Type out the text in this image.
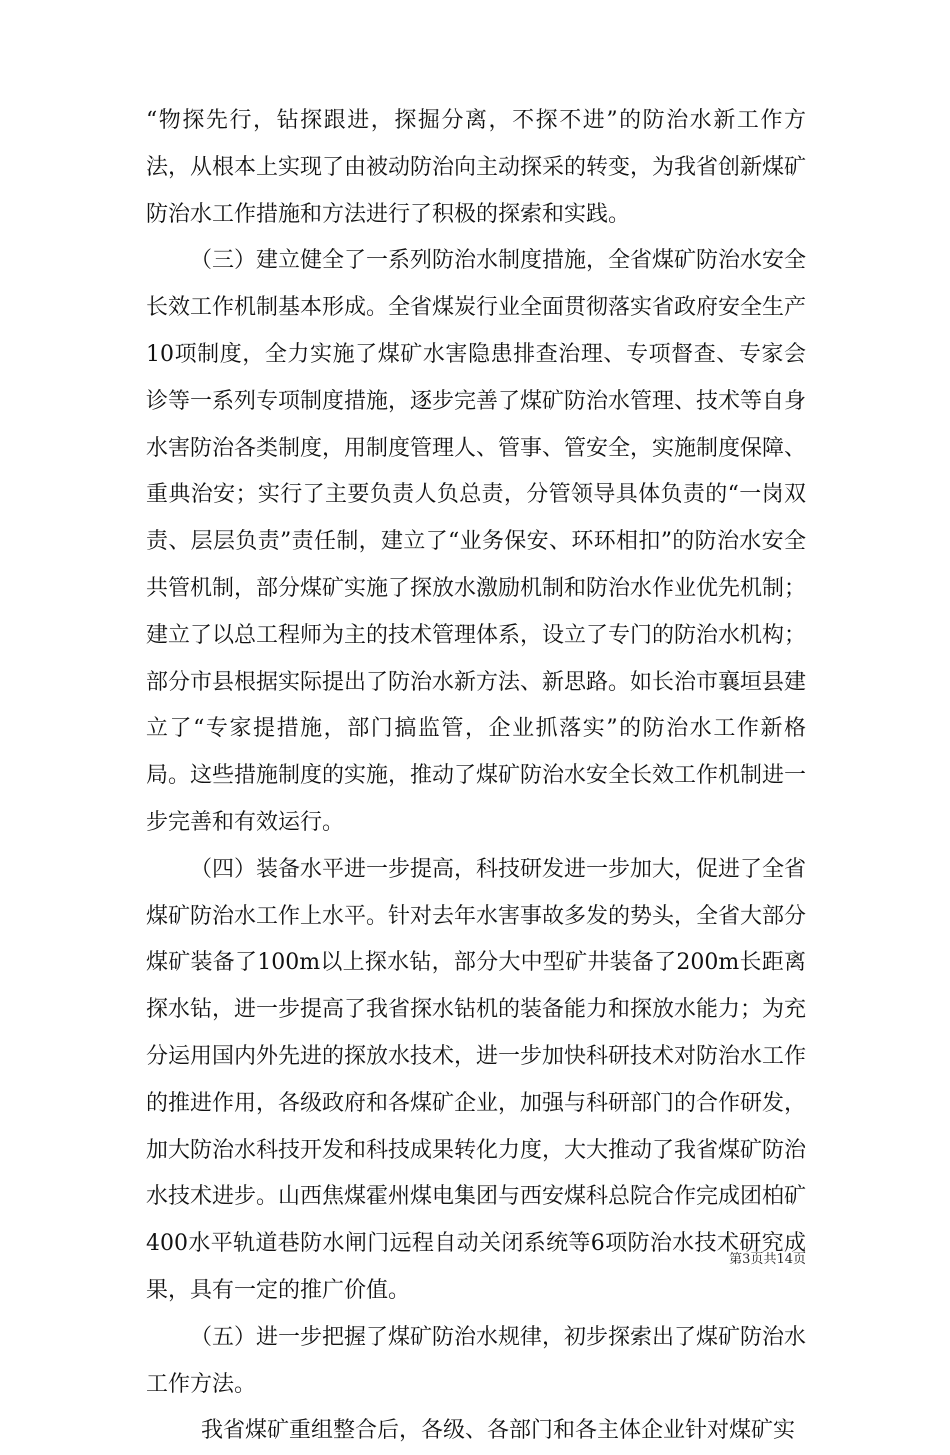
“物探先行，钻探跟进，探掘分离，不探不进”的防治水新工作方法，从根本上实现了由被动防治向主动探采的转变，为我省创新煤矿防治水工作措施和方法进行了积极的探索和实践。

（三）建立健全了一系列防治水制度措施，全省煤矿防治水安全长效工作机制基本形成。全省煤炭行业全面贯彻落实省政府安全生产10项制度，全力实施了煤矿水害隐患排查治理、专项督查、专家会诊等一系列专项制度措施，逐步完善了煤矿防治水管理、技术等自身水害防治各类制度，用制度管理人、管事、管安全，实施制度保障、重典治安；实行了主要负责人负总责，分管领导具体负责的“一岗双责、层层负责”责任制，建立了“业务保安、环环相扣”的防治水安全共管机制，部分煤矿实施了探放水激励机制和防治水作业优先机制；建立了以总工程师为主的技术管理体系，设立了专门的防治水机构；部分市县根据实际提出了防治水新方法、新思路。如长治市襄垣县建立了“专家提措施，部门搞监管，企业抓落实”的防治水工作新格局。这些措施制度的实施，推动了煤矿防治水安全长效工作机制进一步完善和有效运行。

（四）装备水平进一步提高，科技研发进一步加大，促进了全省煤矿防治水工作上水平。针对去年水害事故多发的势头，全省大部分煤矿装备了100m以上探水钻，部分大中型矿井装备了200m长距离探水钻，进一步提高了我省探水钻机的装备能力和探放水能力；为充分运用国内外先进的探放水技术，进一步加快科研技术对防治水工作的推进作用，各级政府和各煤矿企业，加强与科研部门的合作研发，加大防治水科技开发和科技成果转化力度，大大推动了我省煤矿防治水技术进步。山西焦煤霍州煤电集团与西安煤科总院合作完成团柏矿400水平轨道巷防水闸门远程自动关闭系统等6项防治水技术研究成果，具有一定的推广价值。

（五）进一步把握了煤矿防治水规律，初步探索出了煤矿防治水工作方法。

我省煤矿重组整合后，各级、各部门和各主体企业针对煤矿实

第3页共14页
